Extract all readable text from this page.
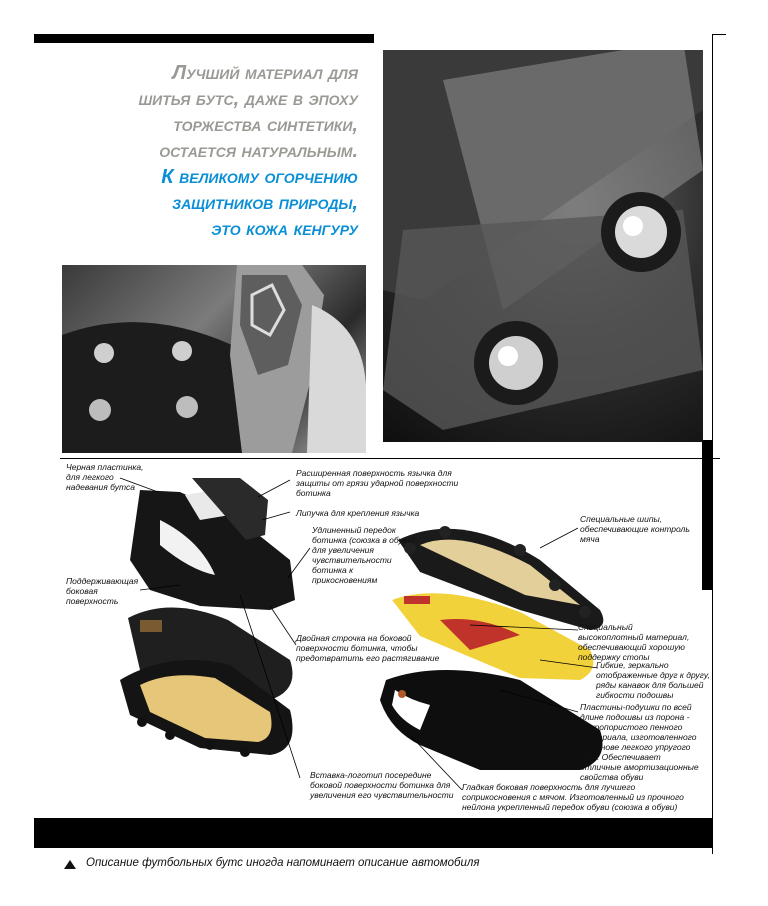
Лучший материал для
шитья бутс, даже в эпоху
торжества синтетики,
остается натуральным.
К великому огорчению
защитников природы,
это кожа кенгуру
Черная пластинка, для легкого надевания бутса
Расширенная поверхность язычка для защиты от грязи ударной поверхности ботинка
Липучка для крепления язычка
Удлиненный передок ботинка (союзка в обуви) для увеличения чувствительности ботинка к прикосновениям
Поддерживающая боковая поверхность
Двойная строчка на боковой поверхности ботинка, чтобы предотвратить его растягивание
Вставка-логотип посередине боковой поверхности ботинка для увеличения его чувствительности
Специальные шипы, обеспечивающие контроль мяча
Специальный высокоплотный материал, обеспечивающий хорошую поддержку стопы
Гибкие, зеркально отображенные друг к другу, ряды канавок для большей гибкости подошвы
Пластины-подушки по всей длине подошвы из порона - микропористого пенного материала, изготовленного на основе легкого упругого ЭВА. Обеспечивает отличные амортизационные свойства обуви
Гладкая боковая поверхность для лучшего соприкосновения с мячом. Изготовленный из прочного нейлона укрепленный передок обуви (союзка в обуви)
Описание футбольных бутс иногда напоминает описание автомобиля
